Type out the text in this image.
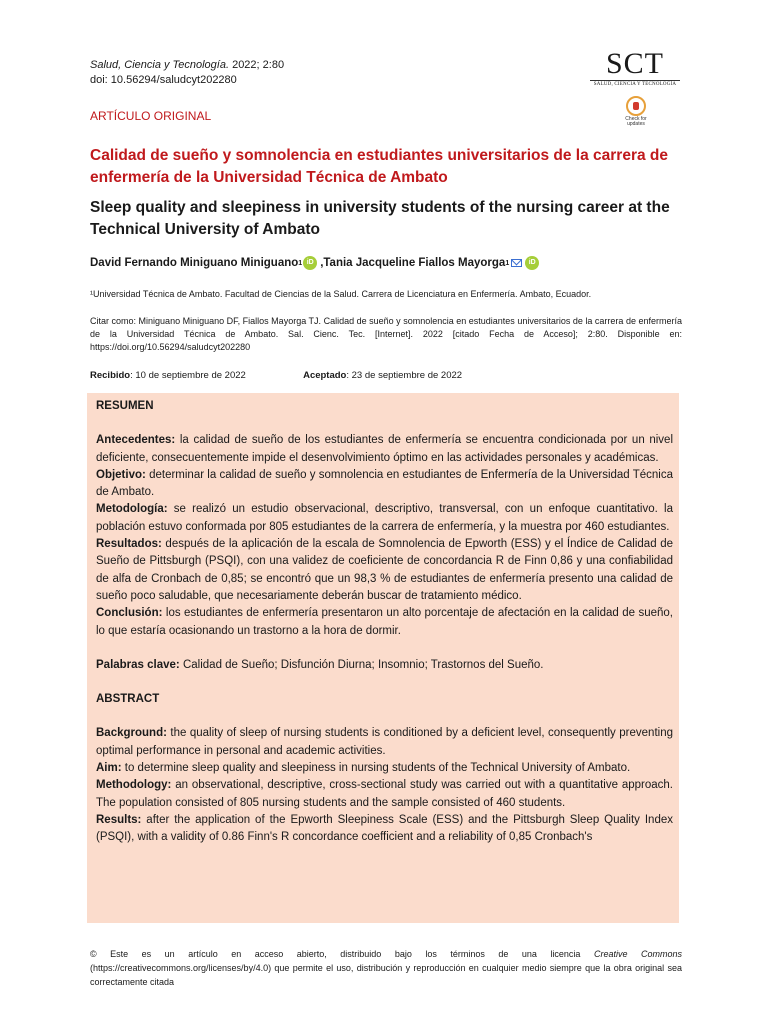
Salud, Ciencia y Tecnología. 2022; 2:80
doi: 10.56294/saludcyt202280	SCT
SALUD, CIENCIA Y TECNOLOGÍA
Check for updates
ARTÍCULO ORIGINAL
Calidad de sueño y somnolencia en estudiantes universitarios de la carrera de enfermería de la Universidad Técnica de Ambato
Sleep quality and sleepiness in university students of the nursing career at the Technical University of Ambato
David Fernando Miniguano Miniguano 1 iD , Tania Jacqueline Fiallos Mayorga 1	iD
¹Universidad Técnica de Ambato. Facultad de Ciencias de la Salud. Carrera de Licenciatura en Enfermería. Ambato, Ecuador.
Citar como: Miniguano Miniguano DF, Fiallos Mayorga TJ. Calidad de sueño y somnolencia en estudiantes universitarios de la carrera de enfermería de la Universidad Técnica de Ambato. Sal. Cienc. Tec. [Internet]. 2022 [citado Fecha de Acceso]; 2:80. Disponible en: https://doi.org/10.56294/saludcyt202280
Recibido: 10 de septiembre de 2022	Aceptado: 23 de septiembre de 2022

RESUMEN

Antecedentes: la calidad de sueño de los estudiantes de enfermería se encuentra condicionada por un nivel deficiente, consecuentemente impide el desenvolvimiento óptimo en las actividades personales y académicas.

Objetivo: determinar la calidad de sueño y somnolencia en estudiantes de Enfermería de la Universidad Técnica de Ambato.

Metodología: se realizó un estudio observacional, descriptivo, transversal, con un enfoque cuantitativo. la población estuvo conformada por 805 estudiantes de la carrera de enfermería, y la muestra por 460 estudiantes.

Resultados: después de la aplicación de la escala de Somnolencia de Epworth (ESS) y el Índice de Calidad de Sueño de Pittsburgh (PSQI), con una validez de coeficiente de concordancia R de Finn 0,86 y una confiabilidad de alfa de Cronbach de 0,85; se encontró que un 98,3 % de estudiantes de enfermería presento una calidad de sueño poco saludable, que necesariamente deberán buscar de tratamiento médico.

Conclusión: los estudiantes de enfermería presentaron un alto porcentaje de afectación en la calidad de sueño, lo que estaría ocasionando un trastorno a la hora de dormir.

Palabras clave: Calidad de Sueño; Disfunción Diurna; Insomnio; Trastornos del Sueño.

ABSTRACT

Background: the quality of sleep of nursing students is conditioned by a deficient level, consequently preventing optimal performance in personal and academic activities.

Aim: to determine sleep quality and sleepiness in nursing students of the Technical University of Ambato.

Methodology: an observational, descriptive, cross-sectional study was carried out with a quantitative approach. The population consisted of 805 nursing students and the sample consisted of 460 students.

Results: after the application of the Epworth Sleepiness Scale (ESS) and the Pittsburgh Sleep Quality Index (PSQI), with a validity of 0.86 Finn's R concordance coefficient and a reliability of 0,85 Cronbach's

© Este es un artículo en acceso abierto, distribuido bajo los términos de una licencia Creative Commons (https://creativecommons.org/licenses/by/4.0) que permite el uso, distribución y reproducción en cualquier medio siempre que la obra original sea correctamente citada
